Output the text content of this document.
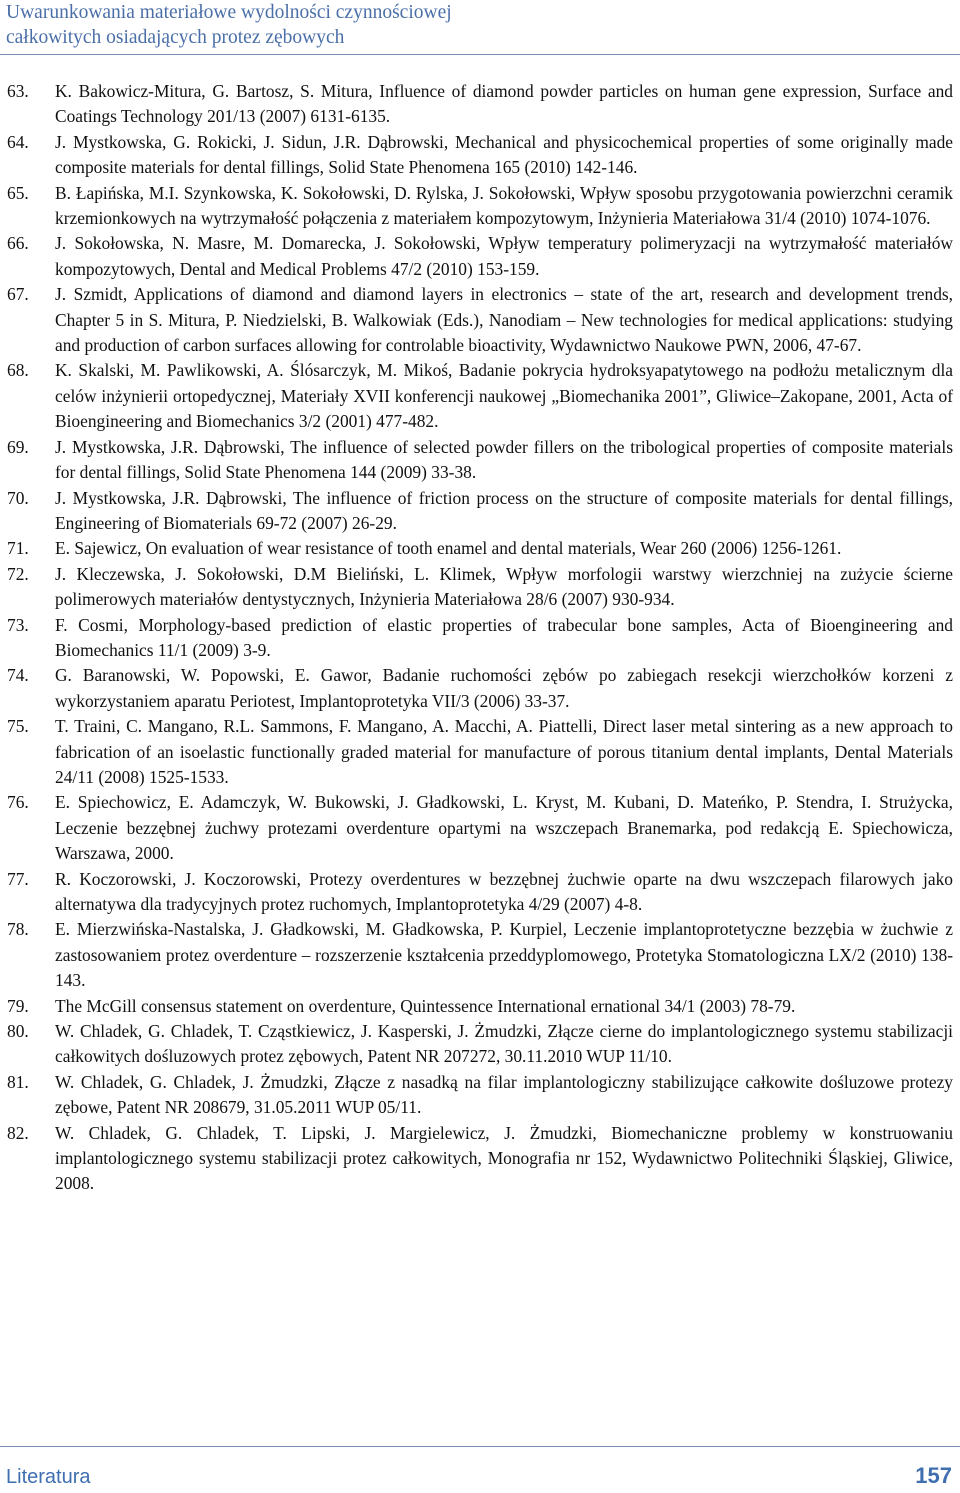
Uwarunkowania materiałowe wydolności czynnościowej
całkowitych osiadających protez zębowych
63.	K. Bakowicz-Mitura, G. Bartosz, S. Mitura, Influence of diamond powder particles on human gene expression, Surface and Coatings Technology 201/13 (2007) 6131-6135.
64.	J. Mystkowska, G. Rokicki, J. Sidun, J.R. Dąbrowski, Mechanical and physicochemical properties of some originally made composite materials for dental fillings, Solid State Phenomena 165 (2010) 142-146.
65.	B. Łapińska, M.I. Szynkowska, K. Sokołowski, D. Rylska, J. Sokołowski, Wpływ sposobu przygotowania powierzchni ceramik krzemionkowych na wytrzymałość połączenia z materiałem kompozytowym, Inżynieria Materiałowa 31/4 (2010) 1074-1076.
66.	J. Sokołowska, N. Masre, M. Domarecka, J. Sokołowski, Wpływ temperatury polimeryzacji na wytrzymałość materiałów kompozytowych, Dental and Medical Problems 47/2 (2010) 153-159.
67.	J. Szmidt, Applications of diamond and diamond layers in electronics – state of the art, research and development trends, Chapter 5 in S. Mitura, P. Niedzielski, B. Walkowiak (Eds.), Nanodiam – New technologies for medical applications: studying and production of carbon surfaces allowing for controlable bioactivity, Wydawnictwo Naukowe PWN, 2006, 47-67.
68.	K. Skalski, M. Pawlikowski, A. Ślósarczyk, M. Mikoś, Badanie pokrycia hydroksyapatytowego na podłożu metalicznym dla celów inżynierii ortopedycznej, Materiały XVII konferencji naukowej „Biomechanika 2001”, Gliwice–Zakopane, 2001, Acta of Bioengineering and Biomechanics 3/2 (2001) 477-482.
69.	J. Mystkowska, J.R. Dąbrowski, The influence of selected powder fillers on the tribological properties of composite materials for dental fillings, Solid State Phenomena 144 (2009) 33-38.
70.	J. Mystkowska, J.R. Dąbrowski, The influence of friction process on the structure of composite materials for dental fillings, Engineering of Biomaterials 69-72 (2007) 26-29.
71.	E. Sajewicz, On evaluation of wear resistance of tooth enamel and dental materials, Wear 260 (2006) 1256-1261.
72.	J. Kleczewska, J. Sokołowski, D.M Bieliński, L. Klimek, Wpływ morfologii warstwy wierzchniej na zużycie ścierne polimerowych materiałów dentystycznych, Inżynieria Materiałowa 28/6 (2007) 930-934.
73.	F. Cosmi, Morphology-based prediction of elastic properties of trabecular bone samples, Acta of Bioengineering and Biomechanics 11/1 (2009) 3-9.
74.	G. Baranowski, W. Popowski, E. Gawor, Badanie ruchomości zębów po zabiegach resekcji wierzchołków korzeni z wykorzystaniem aparatu Periotest, Implantoprotetyka VII/3 (2006) 33-37.
75.	T. Traini, C. Mangano, R.L. Sammons, F. Mangano, A. Macchi, A. Piattelli, Direct laser metal sintering as a new approach to fabrication of an isoelastic functionally graded material for manufacture of porous titanium dental implants, Dental Materials 24/11 (2008) 1525-1533.
76.	E. Spiechowicz, E. Adamczyk, W. Bukowski, J. Gładkowski, L. Kryst, M. Kubani, D. Mateńko, P. Stendra, I. Strużycka, Leczenie bezzębnej żuchwy protezami overdenture opartymi na wszczepach Branemarka, pod redakcją E. Spiechowicza, Warszawa, 2000.
77.	R. Koczorowski, J. Koczorowski, Protezy overdentures w bezzębnej żuchwie oparte na dwu wszczepach filarowych jako alternatywa dla tradycyjnych protez ruchomych, Implantoprotetyka 4/29 (2007) 4-8.
78.	E. Mierzwińska-Nastalska, J. Gładkowski, M. Gładkowska, P. Kurpiel, Leczenie implantoprotetyczne bezzębia w żuchwie z zastosowaniem protez overdenture – rozszerzenie kształcenia przeddyplomowego, Protetyka Stomatologiczna LX/2 (2010) 138-143.
79.	The McGill consensus statement on overdenture, Quintessence International ernational 34/1 (2003) 78-79.
80.	W. Chladek, G. Chladek, T. Cząstkiewicz, J. Kasperski, J. Żmudzki, Złącze cierne do implantologicznego systemu stabilizacji całkowitych dośluzowych protez zębowych, Patent NR 207272, 30.11.2010 WUP 11/10.
81.	W. Chladek, G. Chladek, J. Żmudzki, Złącze z nasadką na filar implantologiczny stabilizujące całkowite dośluzowe protezy zębowe, Patent NR 208679, 31.05.2011 WUP 05/11.
82.	W. Chladek, G. Chladek, T. Lipski, J. Margielewicz, J. Żmudzki, Biomechaniczne problemy w konstruowaniu implantologicznego systemu stabilizacji protez całkowitych, Monografia nr 152, Wydawnictwo Politechniki Śląskiej, Gliwice, 2008.
Literatura	157
